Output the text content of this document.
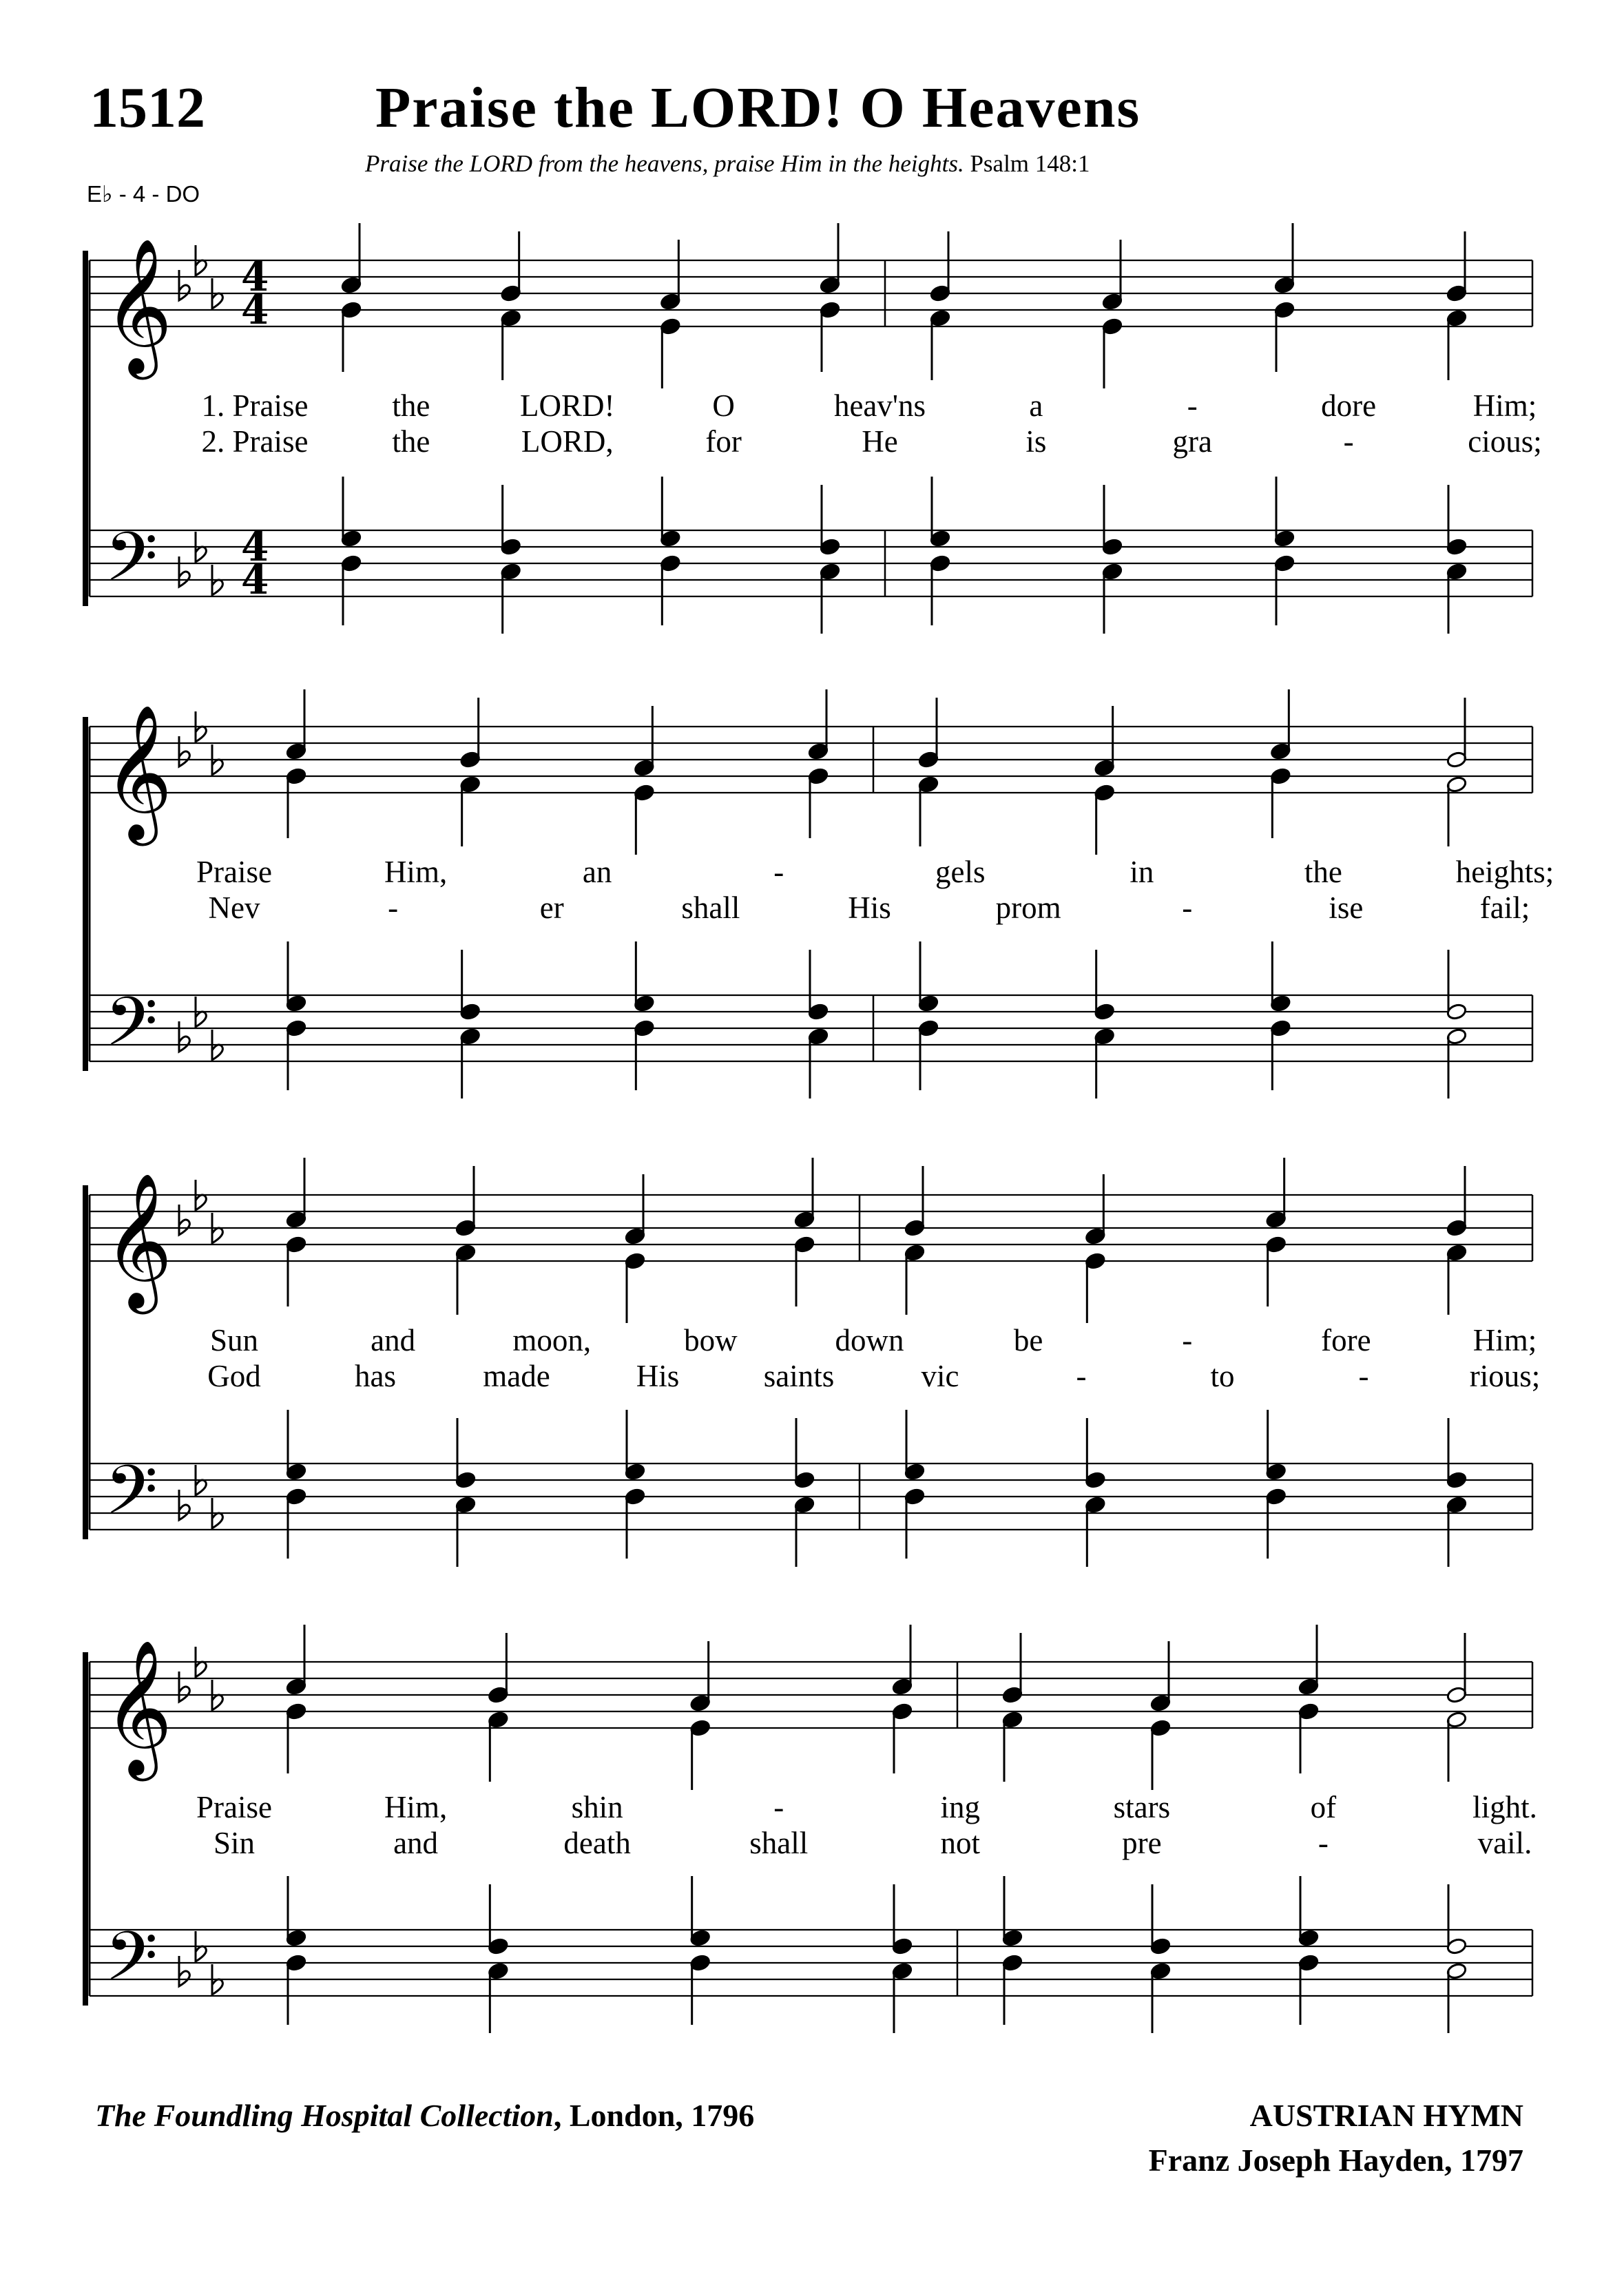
1512	Praise the LORD! O Heavens
Praise the LORD from the heavens, praise Him in the heights. Psalm 148:1
E♭ - 4 - DO
𝄞
𝄢
4
4
4
4
1. Praise	the	LORD!	O	heav'ns	a	-	dore	Him;
2. Praise	the	LORD,	for	He	is	gra	-	cious;
𝄞
𝄢
Praise	Him,	an	-	gels	in	the	heights;
Nev	-	er	shall	His	prom	-	ise	fail;
𝄞
𝄢
Sun	and	moon,	bow	down	be	-	fore	Him;
God	has	made	His	saints	vic	-	to	-	rious;
𝄞
𝄢
Praise	Him,	shin	-	ing	stars	of	light.
Sin	and	death	shall	not	pre	-	vail.
The Foundling Hospital Collection, London, 1796	AUSTRIAN HYMN
Franz Joseph Hayden, 1797
